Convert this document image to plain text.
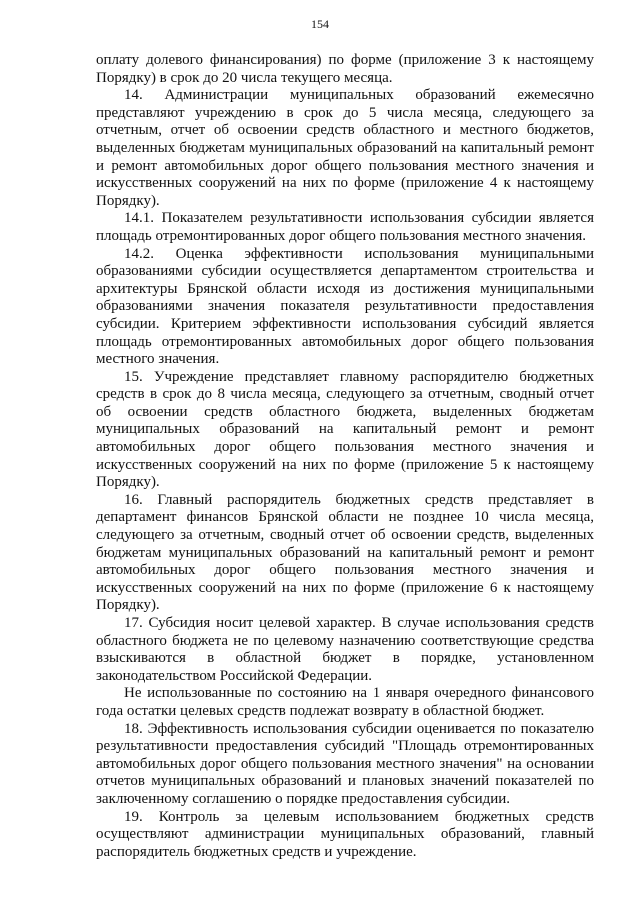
154

оплату долевого финансирования) по форме (приложение 3 к настоящему Порядку) в срок до 20 числа текущего месяца.

14. Администрации муниципальных образований ежемесячно представляют учреждению в срок до 5 числа месяца, следующего за отчетным, отчет об освоении средств областного и местного бюджетов, выделенных бюджетам муниципальных образований на капитальный ремонт и ремонт автомобильных дорог общего пользования местного значения и искусственных сооружений на них по форме (приложение 4 к настоящему Порядку).

14.1. Показателем результативности использования субсидии является площадь отремонтированных дорог общего пользования местного значения.

14.2. Оценка эффективности использования муниципальными образованиями субсидии осуществляется департаментом строительства и архитектуры Брянской области исходя из достижения муниципальными образованиями значения показателя результативности предоставления субсидии. Критерием эффективности использования субсидий является площадь отремонтированных автомобильных дорог общего пользования местного значения.

15. Учреждение представляет главному распорядителю бюджетных средств в срок до 8 числа месяца, следующего за отчетным, сводный отчет об освоении средств областного бюджета, выделенных бюджетам муниципальных образований на капитальный ремонт и ремонт автомобильных дорог общего пользования местного значения и искусственных сооружений на них по форме (приложение 5 к настоящему Порядку).

16. Главный распорядитель бюджетных средств представляет в департамент финансов Брянской области не позднее 10 числа месяца, следующего за отчетным, сводный отчет об освоении средств, выделенных бюджетам муниципальных образований на капитальный ремонт и ремонт автомобильных дорог общего пользования местного значения и искусственных сооружений на них по форме (приложение 6 к настоящему Порядку).

17. Субсидия носит целевой характер. В случае использования средств областного бюджета не по целевому назначению соответствующие средства взыскиваются в областной бюджет в порядке, установленном законодательством Российской Федерации.

Не использованные по состоянию на 1 января очередного финансового года остатки целевых средств подлежат возврату в областной бюджет.

18. Эффективность использования субсидии оценивается по показателю результативности предоставления субсидий "Площадь отремонтированных автомобильных дорог общего пользования местного значения" на основании отчетов муниципальных образований и плановых значений показателей по заключенному соглашению о порядке предоставления субсидии.

19. Контроль за целевым использованием бюджетных средств осуществляют администрации муниципальных образований, главный распорядитель бюджетных средств и учреждение.
